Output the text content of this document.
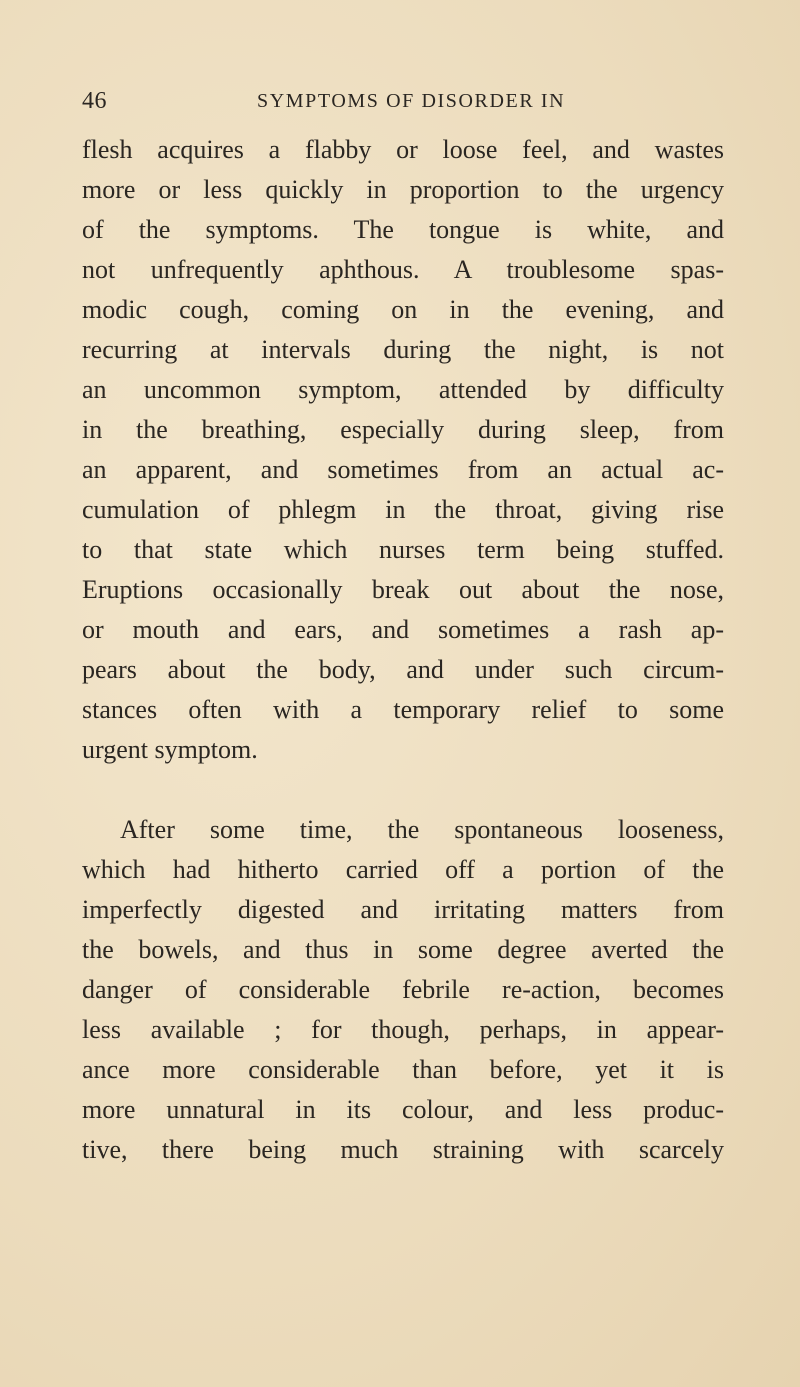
46	SYMPTOMS OF DISORDER IN
flesh acquires a flabby or loose feel, and wastes
more or less quickly in proportion to the urgency
of the symptoms. The tongue is white, and
not unfrequently aphthous. A troublesome spas-
modic cough, coming on in the evening, and
recurring at intervals during the night, is not
an uncommon symptom, attended by difficulty
in the breathing, especially during sleep, from
an apparent, and sometimes from an actual ac-
cumulation of phlegm in the throat, giving rise
to that state which nurses term being stuffed.
Eruptions occasionally break out about the nose,
or mouth and ears, and sometimes a rash ap-
pears about the body, and under such circum-
stances often with a temporary relief to some
urgent symptom.
After some time, the spontaneous looseness,
which had hitherto carried off a portion of the
imperfectly digested and irritating matters from
the bowels, and thus in some degree averted the
danger of considerable febrile re-action, becomes
less available ; for though, perhaps, in appear-
ance more considerable than before, yet it is
more unnatural in its colour, and less produc-
tive, there being much straining with scarcely
